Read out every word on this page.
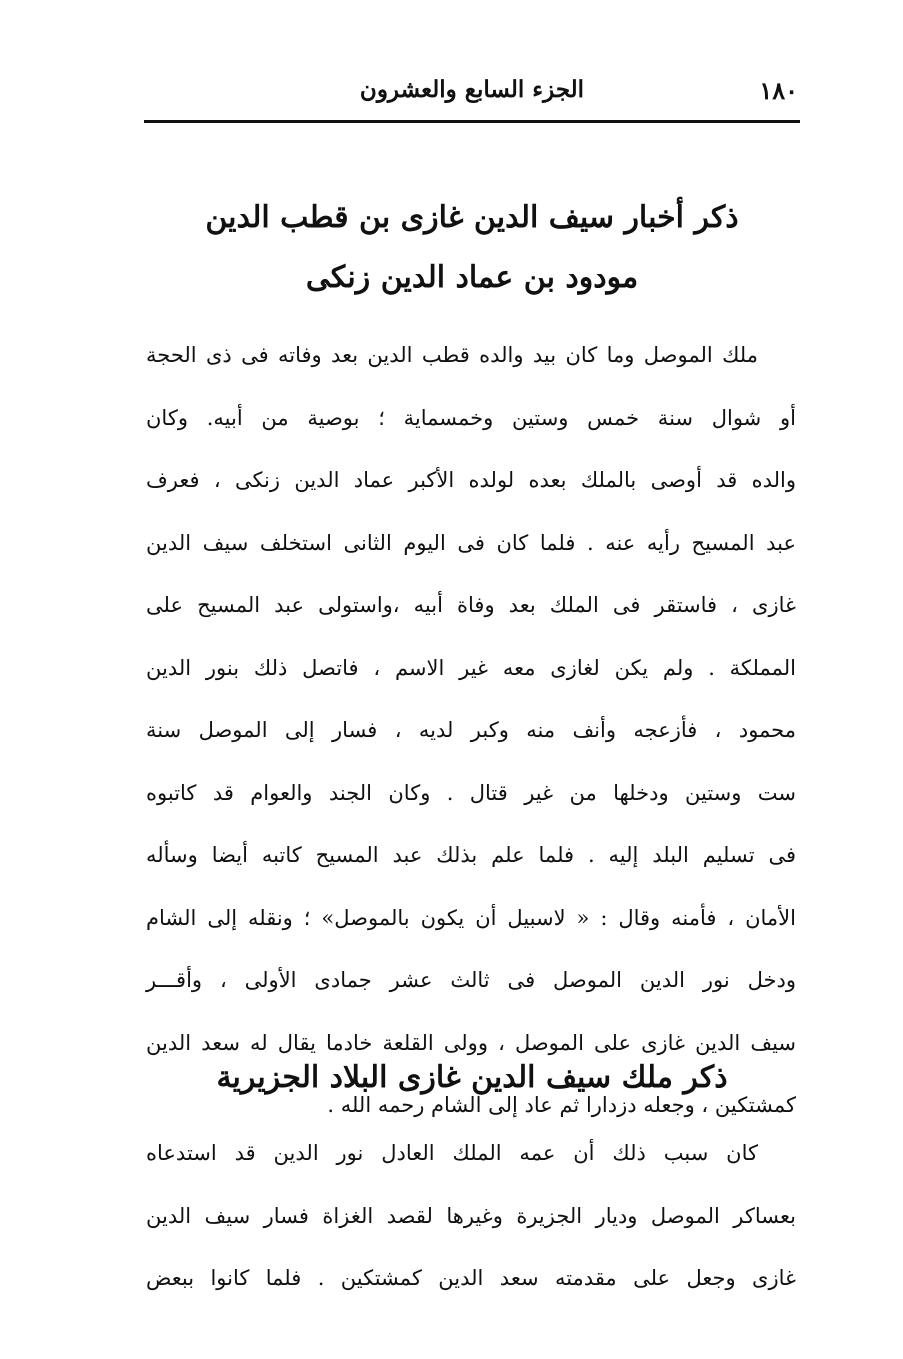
١٨٠
الجزء السابع والعشرون
ذكر أخبار سيف الدين غازى بن قطب الدين
مودود بن عماد الدين زنكى
ملك الموصل وما كان بيد والده قطب الدين بعد وفاته فى ذى الحجة
أو شوال سنة خمس وستين وخمسماية ؛ بوصية من أبيه. وكان
والده قد أوصى بالملك بعده لولده الأكبر عماد الدين زنكى ، فعرف
عبد المسيح رأيه عنه . فلما كان فى اليوم الثانى استخلف سيف الدين
غازى ، فاستقر فى الملك بعد وفاة أبيه ،واستولى عبد المسيح على
المملكة . ولم يكن لغازى معه غير الاسم ، فاتصل ذلك بنور الدين
محمود ، فأزعجه وأنف منه وكبر لديه ، فسار إلى الموصل سنة
ست وستين ودخلها من غير قتال . وكان الجند والعوام قد كاتبوه
فى تسليم البلد إليه . فلما علم بذلك عبد المسيح كاتبه أيضا وسأله
الأمان ، فأمنه وقال : « لاسبيل أن يكون بالموصل» ؛ ونقله إلى الشام
ودخل نور الدين الموصل فى ثالث عشر جمادى الأولى ، وأقـــر
سيف الدين غازى على الموصل ، وولى القلعة خادما يقال له سعد الدين
كمشتكين ، وجعله دزدارا ثم عاد إلى الشام رحمه الله .
ذكر ملك سيف الدين غازى البلاد الجزيرية
كان سبب ذلك أن عمه الملك العادل نور الدين قد استدعاه
بعساكر الموصل وديار الجزيرة وغيرها لقصد الغزاة فسار سيف الدين
غازى وجعل على مقدمته سعد الدين كمشتكين . فلما كانوا ببعض
